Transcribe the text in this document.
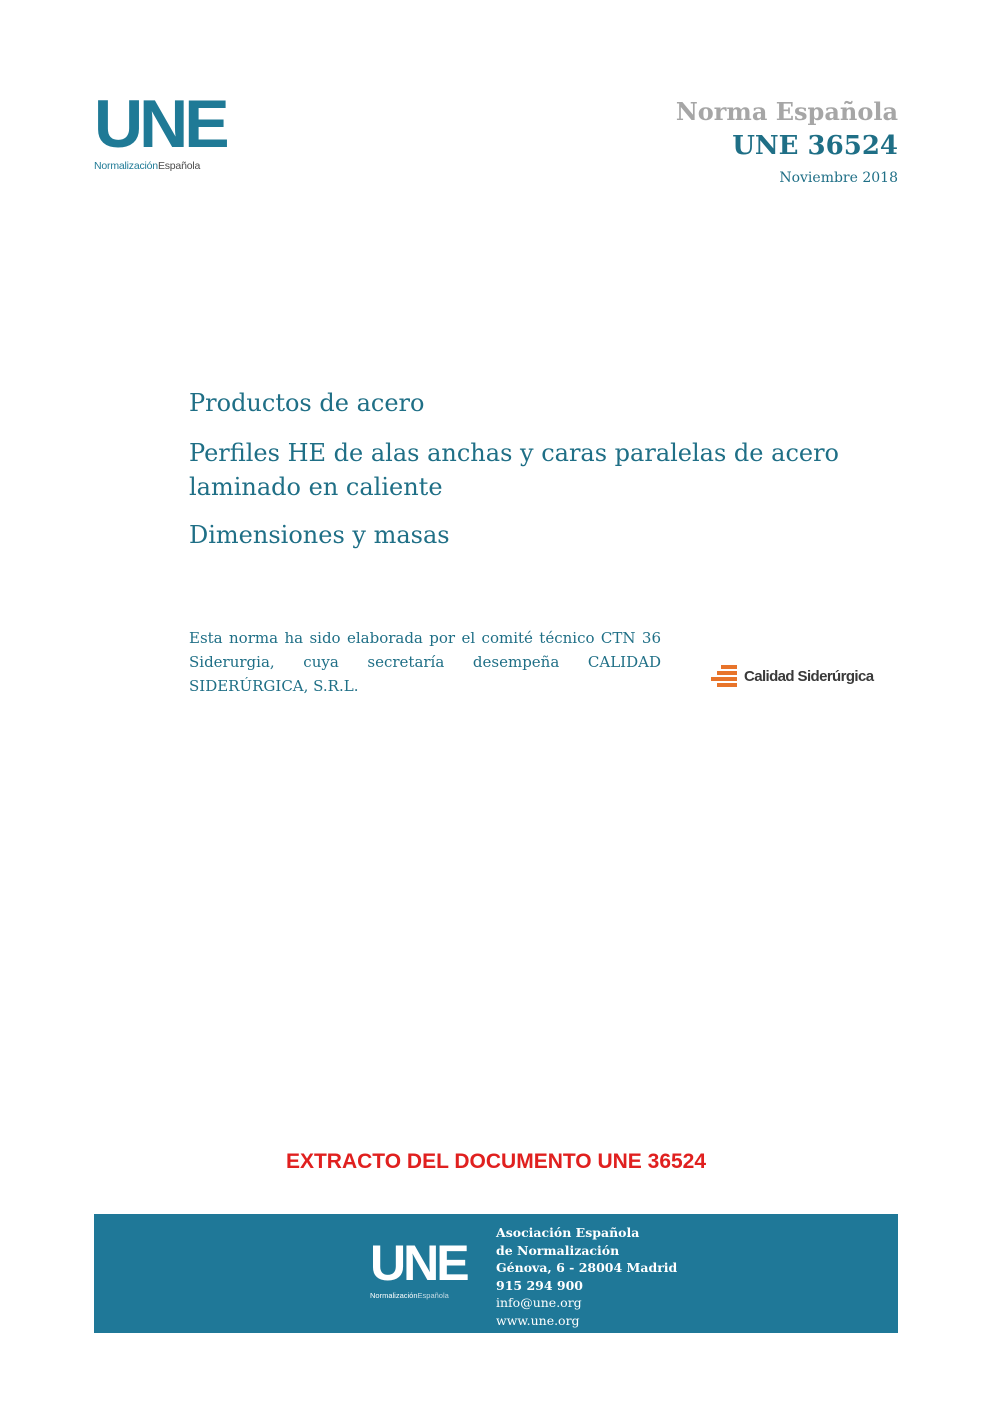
UNE
NormalizaciónEspañola
Norma Española
UNE 36524
Noviembre 2018
Productos de acero
Perfiles HE de alas anchas y caras paralelas de acero laminado en caliente
Dimensiones y masas
Esta norma ha sido elaborada por el comité técnico CTN 36 Siderurgia, cuya secretaría desempeña CALIDAD SIDERÚRGICA, S.R.L.
Calidad Siderúrgica
EXTRACTO DEL DOCUMENTO UNE 36524
UNE
NormalizaciónEspañola
Asociación Española
de Normalización
Génova, 6 - 28004 Madrid
915 294 900
info@une.org
www.une.org
